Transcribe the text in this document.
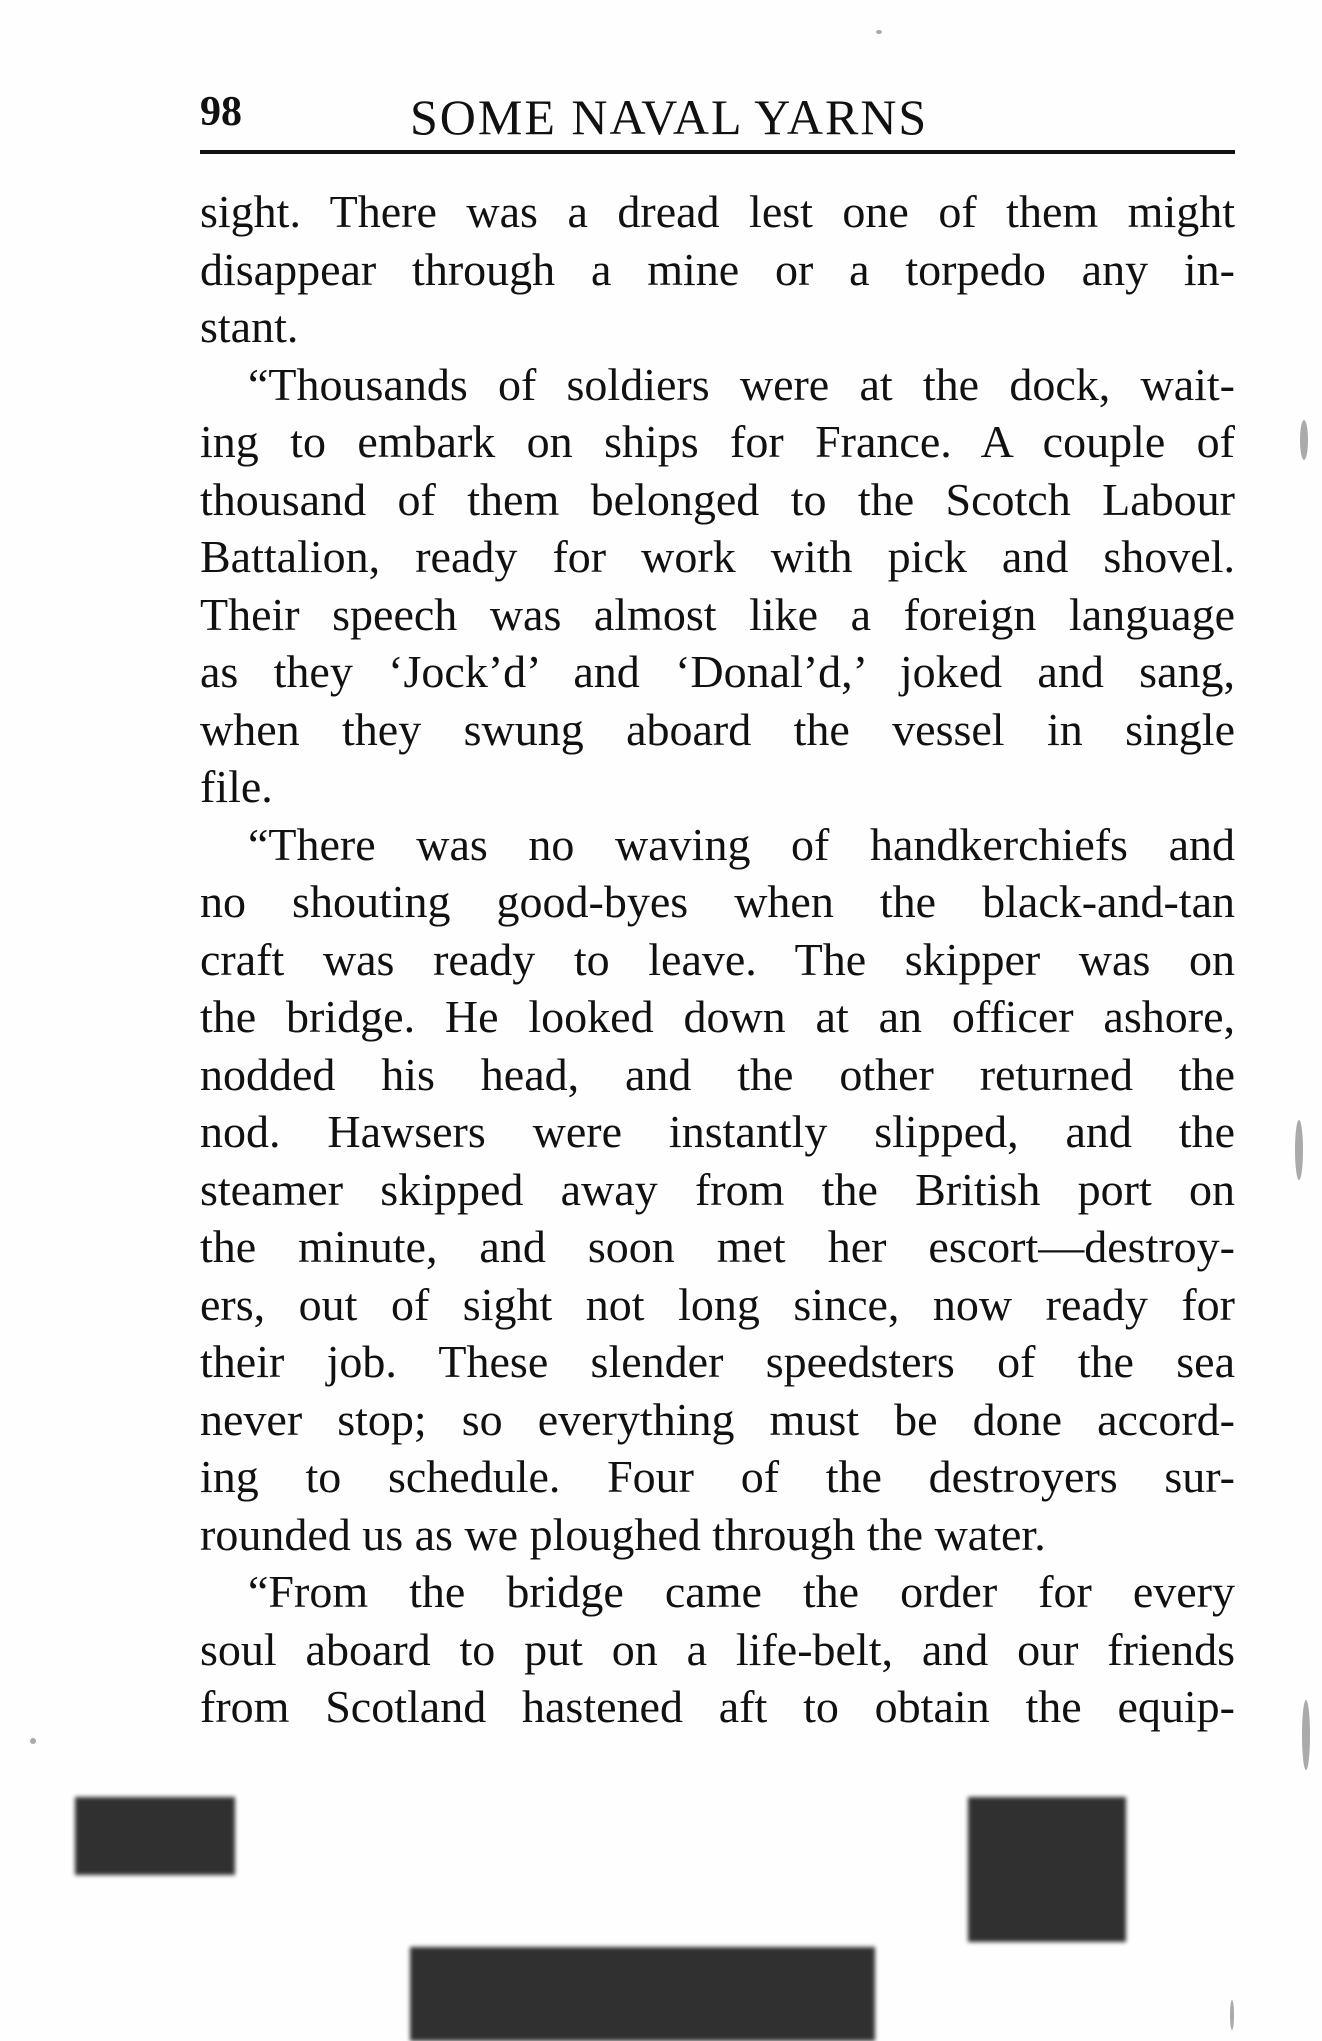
98	SOME NAVAL YARNS
sight. There was a dread lest one of them might
disappear through a mine or a torpedo any in-
stant.
“Thousands of soldiers were at the dock, wait-
ing to embark on ships for France. A couple of
thousand of them belonged to the Scotch Labour
Battalion, ready for work with pick and shovel.
Their speech was almost like a foreign language
as they ‘Jock’d’ and ‘Donal’d,’ joked and sang,
when they swung aboard the vessel in single
file.
“There was no waving of handkerchiefs and
no shouting good-byes when the black-and-tan
craft was ready to leave. The skipper was on
the bridge. He looked down at an officer ashore,
nodded his head, and the other returned the
nod. Hawsers were instantly slipped, and the
steamer skipped away from the British port on
the minute, and soon met her escort—destroy-
ers, out of sight not long since, now ready for
their job. These slender speedsters of the sea
never stop; so everything must be done accord-
ing to schedule. Four of the destroyers sur-
rounded us as we ploughed through the water.
“From the bridge came the order for every
soul aboard to put on a life-belt, and our friends
from Scotland hastened aft to obtain the equip-
